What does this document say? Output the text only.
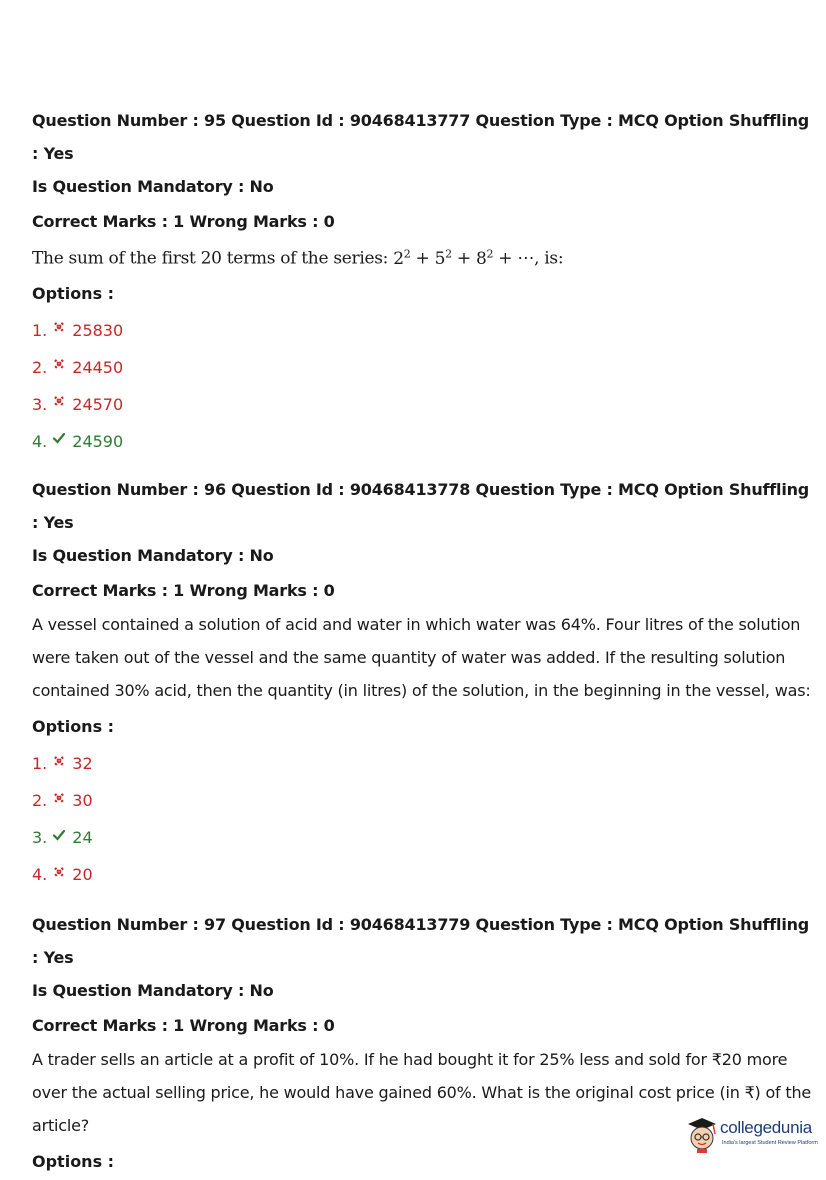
Question Number : 95 Question Id : 90468413777 Question Type : MCQ Option Shuffling : Yes
Is Question Mandatory : No
Correct Marks : 1 Wrong Marks : 0
The sum of the first 20 terms of the series: $2^2 + 5^2 + 8^2$ + ⋯, is:
Options :
1. 25830
2. 24450
3. 24570
4. 24590
Question Number : 96 Question Id : 90468413778 Question Type : MCQ Option Shuffling : Yes
Is Question Mandatory : No
Correct Marks : 1 Wrong Marks : 0
A vessel contained a solution of acid and water in which water was 64%. Four litres of the solution
were taken out of the vessel and the same quantity of water was added. If the resulting solution
contained 30% acid, then the quantity (in litres) of the solution, in the beginning in the vessel, was:
Options :
1. 32
2. 30
3. 24
4. 20
Question Number : 97 Question Id : 90468413779 Question Type : MCQ Option Shuffling : Yes
Is Question Mandatory : No
Correct Marks : 1 Wrong Marks : 0
A trader sells an article at a profit of 10%. If he had bought it for 25% less and sold for ₹20 more
over the actual selling price, he would have gained 60%. What is the original cost price (in ₹) of the
article?
Options :
collegedunia
India's largest Student Review Platform
